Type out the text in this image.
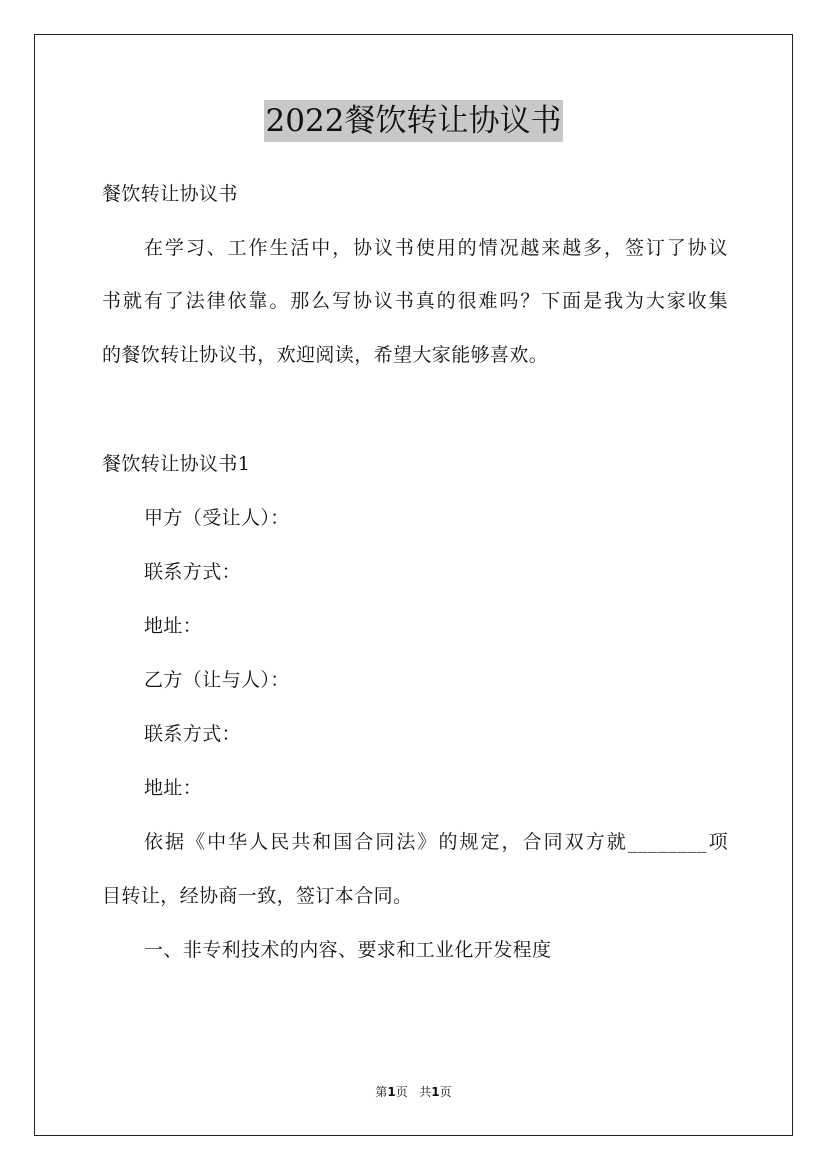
2022餐饮转让协议书
餐饮转让协议书
在学习、工作生活中，协议书使用的情况越来越多，签订了协议
书就有了法律依靠。那么写协议书真的很难吗？下面是我为大家收集
的餐饮转让协议书，欢迎阅读，希望大家能够喜欢。
餐饮转让协议书1
甲方（受让人）：
联系方式：
地址：
乙方（让与人）：
联系方式：
地址：
依据《中华人民共和国合同法》的规定，合同双方就________项
目转让，经协商一致，签订本合同。
一、非专利技术的内容、要求和工业化开发程度
第1页 共1页
